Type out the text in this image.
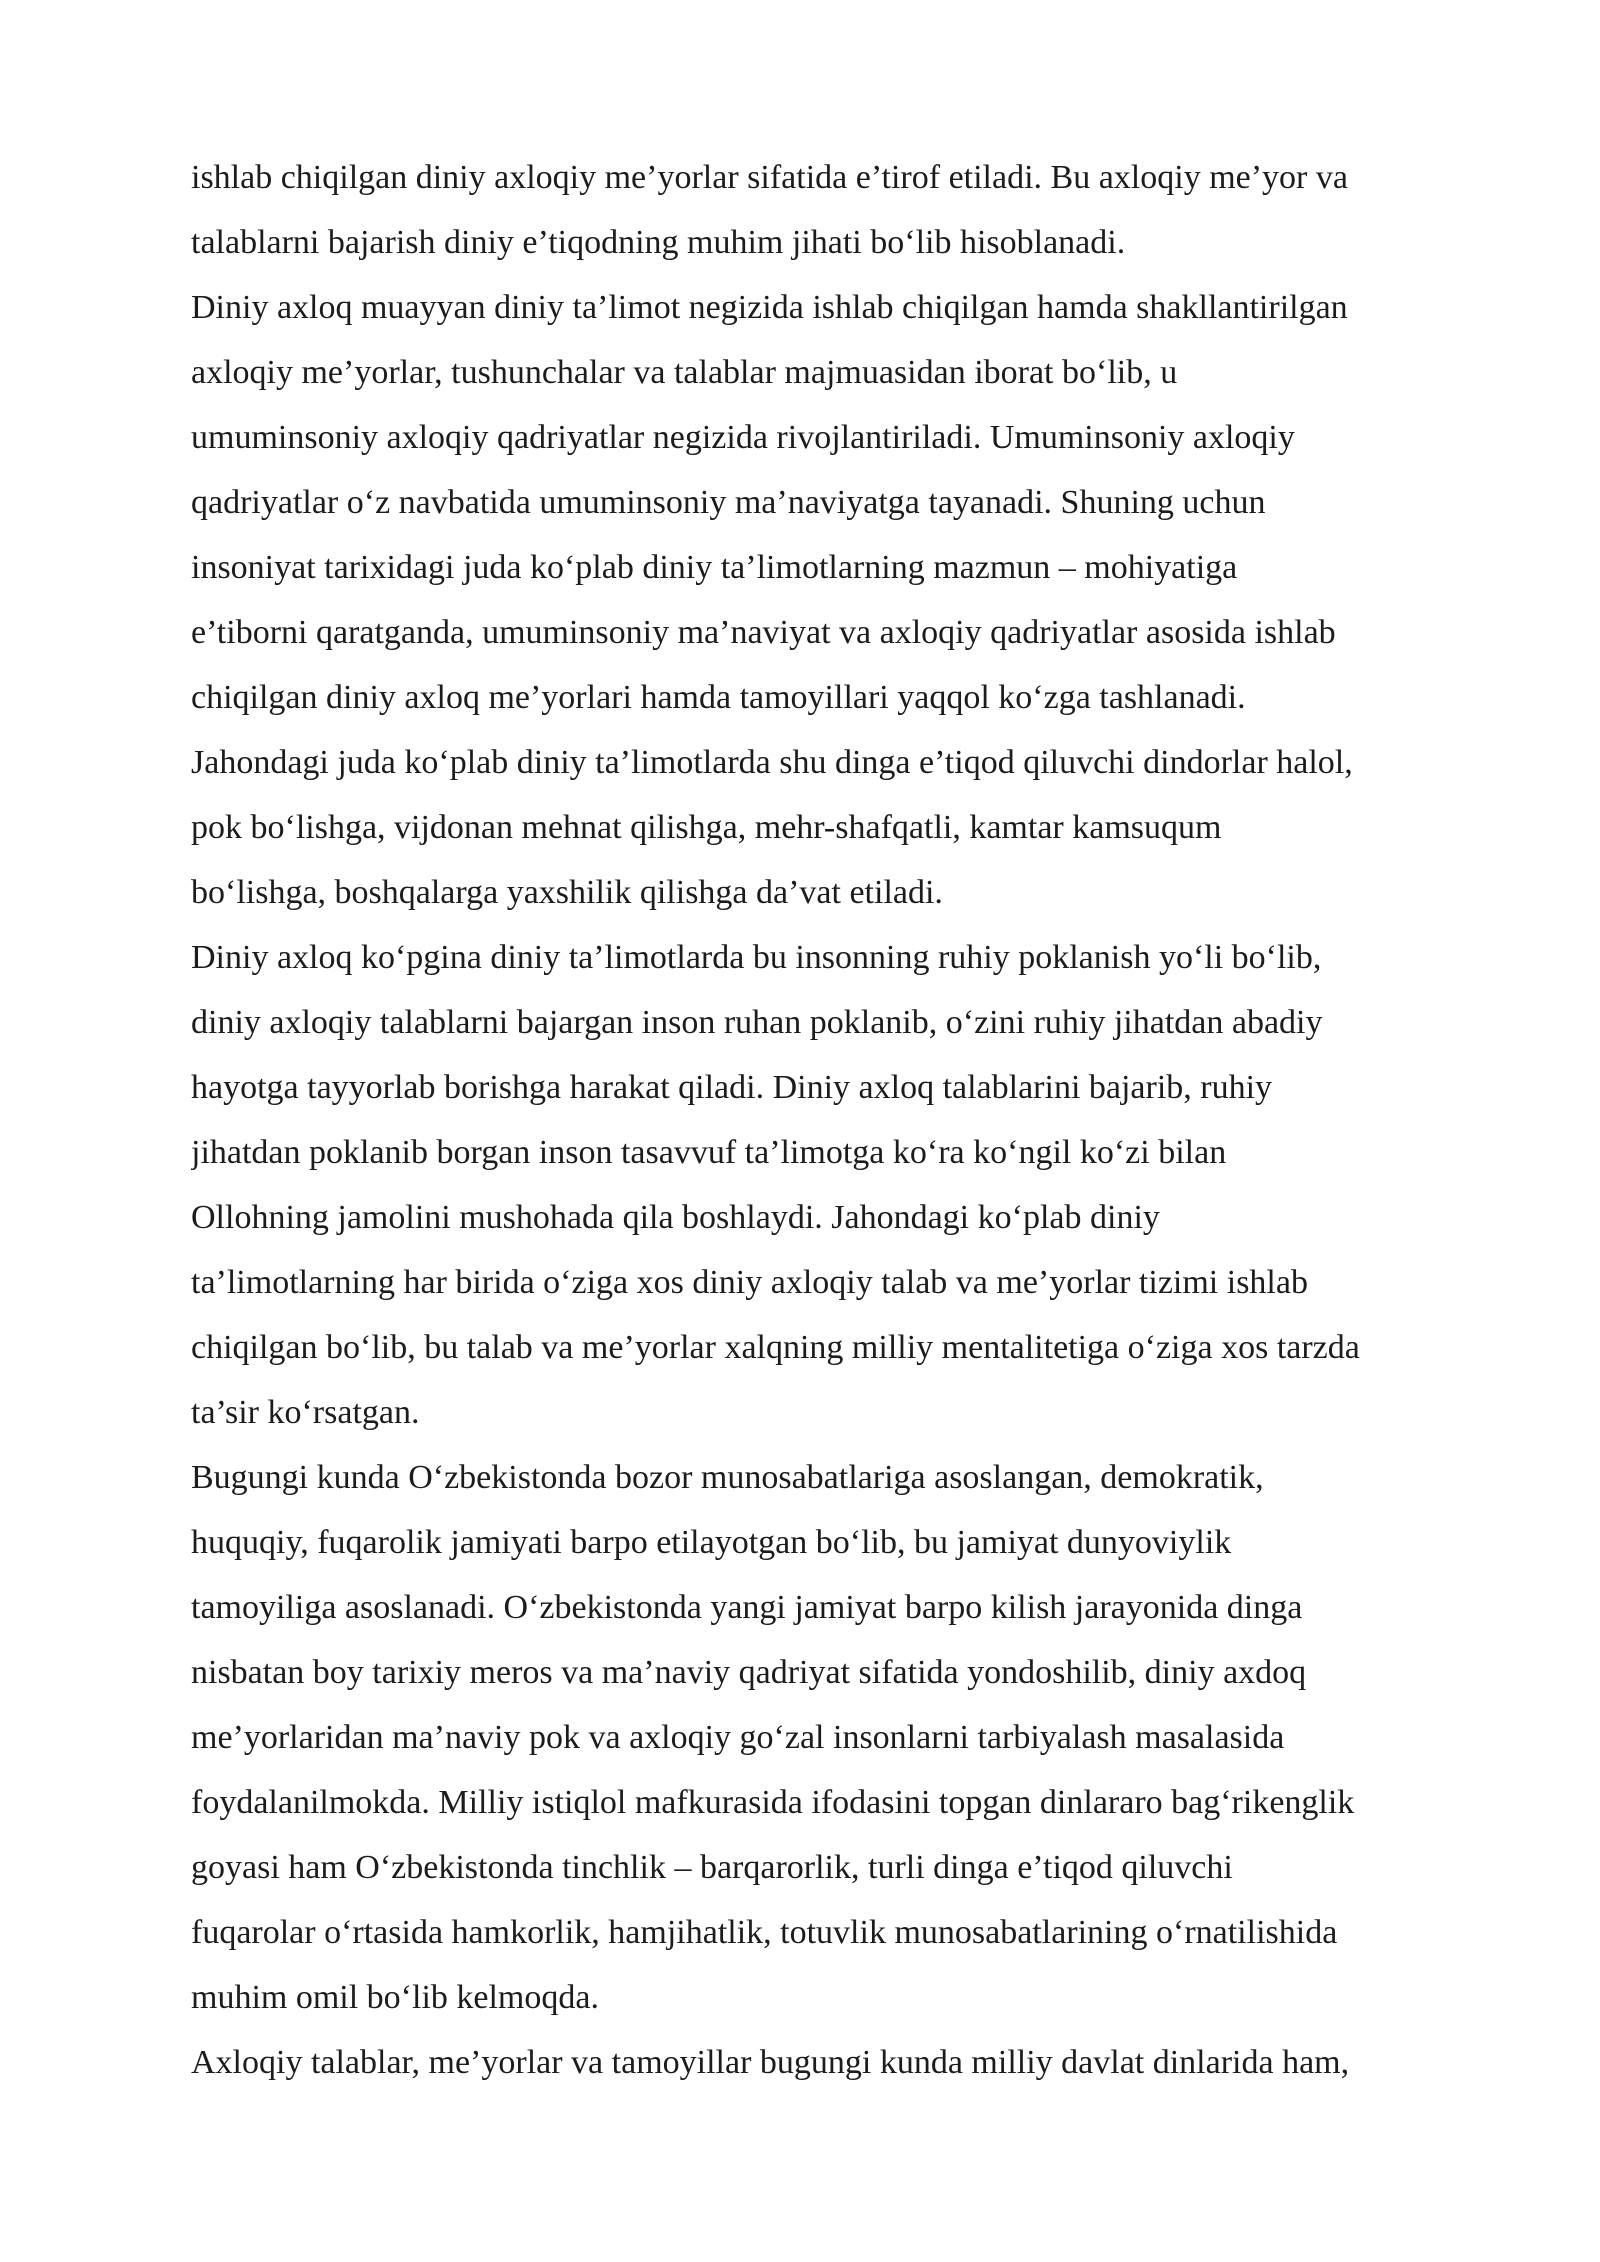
ishlab chiqilgan diniy axloqiy me’yorlar sifatida e’tirof etiladi. Bu axloqiy me’yor va
talablarni bajarish diniy e’tiqodning muhim jihati bo‘lib hisoblanadi.
Diniy axloq muayyan diniy ta’limot negizida ishlab chiqilgan hamda shakllantirilgan
axloqiy me’yorlar, tushunchalar va talablar majmuasidan iborat bo‘lib, u
umuminsoniy axloqiy qadriyatlar negizida rivojlantiriladi. Umuminsoniy axloqiy
qadriyatlar o‘z navbatida umuminsoniy ma’naviyatga tayanadi. Shuning uchun
insoniyat tarixidagi juda ko‘plab diniy ta’limotlarning mazmun – mohiyatiga
e’tiborni qaratganda, umuminsoniy ma’naviyat va axloqiy qadriyatlar asosida ishlab
chiqilgan diniy axloq me’yorlari hamda tamoyillari yaqqol ko‘zga tashlanadi.
Jahondagi juda ko‘plab diniy ta’limotlarda shu dinga e’tiqod qiluvchi dindorlar halol,
pok bo‘lishga, vijdonan mehnat qilishga, mehr-shafqatli, kamtar kamsuqum
bo‘lishga, boshqalarga yaxshilik qilishga da’vat etiladi.
Diniy axloq ko‘pgina diniy ta’limotlarda bu insonning ruhiy poklanish yo‘li bo‘lib,
diniy axloqiy talablarni bajargan inson ruhan poklanib, o‘zini ruhiy jihatdan abadiy
hayotga tayyorlab borishga harakat qiladi. Diniy axloq talablarini bajarib, ruhiy
jihatdan poklanib borgan inson tasavvuf ta’limotga ko‘ra ko‘ngil ko‘zi bilan
Ollohning jamolini mushohada qila boshlaydi. Jahondagi ko‘plab diniy
ta’limotlarning har birida o‘ziga xos diniy axloqiy talab va me’yorlar tizimi ishlab
chiqilgan bo‘lib, bu talab va me’yorlar xalqning milliy mentalitetiga o‘ziga xos tarzda
ta’sir ko‘rsatgan.
Bugungi kunda O‘zbekistonda bozor munosabatlariga asoslangan, demokratik,
huquqiy, fuqarolik jamiyati barpo etilayotgan bo‘lib, bu jamiyat dunyoviylik
tamoyiliga asoslanadi. O‘zbekistonda yangi jamiyat barpo kilish jarayonida dinga
nisbatan boy tarixiy meros va ma’naviy qadriyat sifatida yondoshilib, diniy axdoq
me’yorlaridan ma’naviy pok va axloqiy go‘zal insonlarni tarbiyalash masalasida
foydalanilmokda. Milliy istiqlol mafkurasida ifodasini topgan dinlararo bag‘rikenglik
goyasi ham O‘zbekistonda tinchlik – barqarorlik, turli dinga e’tiqod qiluvchi
fuqarolar o‘rtasida hamkorlik, hamjihatlik, totuvlik munosabatlarining o‘rnatilishida
muhim omil bo‘lib kelmoqda.
Axloqiy talablar, me’yorlar va tamoyillar bugungi kunda milliy davlat dinlarida ham,
